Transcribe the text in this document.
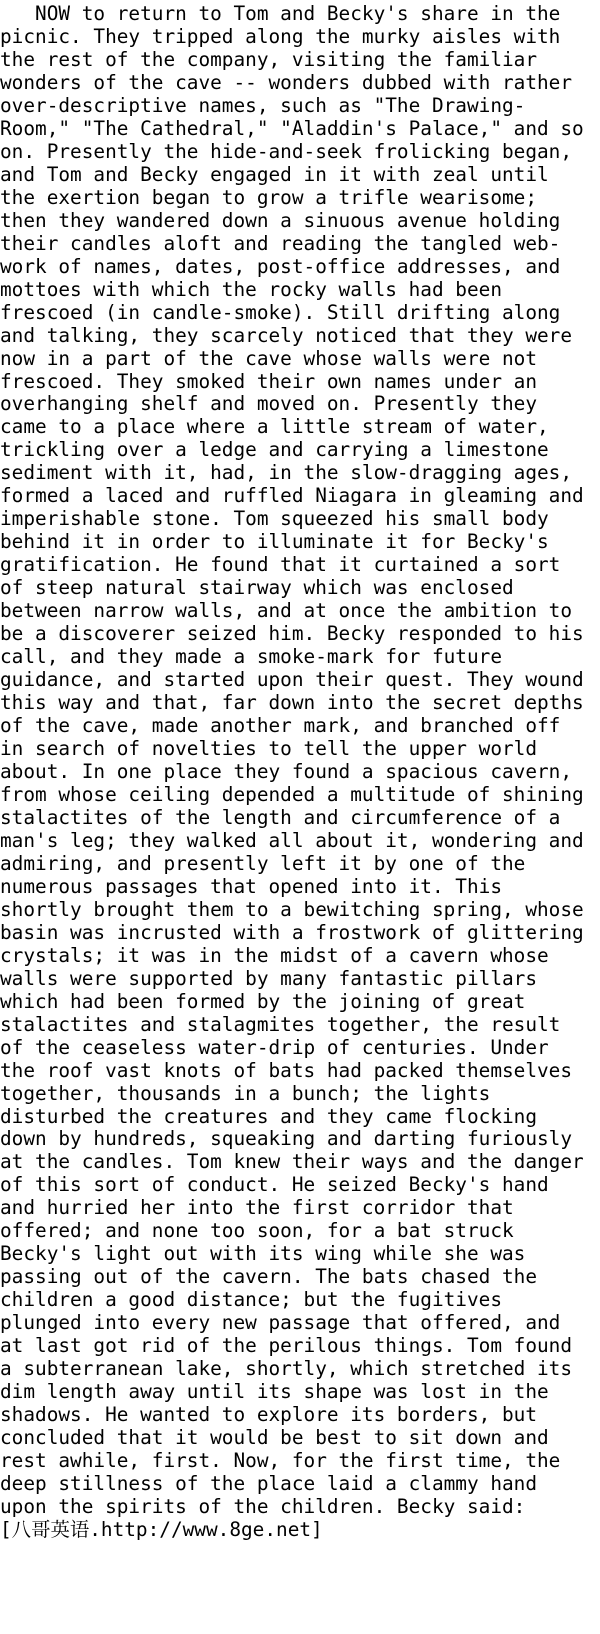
NOW to return to Tom and Becky's share in the
picnic. They tripped along the murky aisles with
the rest of the company, visiting the familiar
wonders of the cave -- wonders dubbed with rather
over-descriptive names, such as "The Drawing-
Room," "The Cathedral," "Aladdin's Palace," and so
on. Presently the hide-and-seek frolicking began,
and Tom and Becky engaged in it with zeal until
the exertion began to grow a trifle wearisome;
then they wandered down a sinuous avenue holding
their candles aloft and reading the tangled web-
work of names, dates, post-office addresses, and
mottoes with which the rocky walls had been
frescoed (in candle-smoke). Still drifting along
and talking, they scarcely noticed that they were
now in a part of the cave whose walls were not
frescoed. They smoked their own names under an
overhanging shelf and moved on. Presently they
came to a place where a little stream of water,
trickling over a ledge and carrying a limestone
sediment with it, had, in the slow-dragging ages,
formed a laced and ruffled Niagara in gleaming and
imperishable stone. Tom squeezed his small body
behind it in order to illuminate it for Becky's
gratification. He found that it curtained a sort
of steep natural stairway which was enclosed
between narrow walls, and at once the ambition to
be a discoverer seized him. Becky responded to his
call, and they made a smoke-mark for future
guidance, and started upon their quest. They wound
this way and that, far down into the secret depths
of the cave, made another mark, and branched off
in search of novelties to tell the upper world
about. In one place they found a spacious cavern,
from whose ceiling depended a multitude of shining
stalactites of the length and circumference of a
man's leg; they walked all about it, wondering and
admiring, and presently left it by one of the
numerous passages that opened into it. This
shortly brought them to a bewitching spring, whose
basin was incrusted with a frostwork of glittering
crystals; it was in the midst of a cavern whose
walls were supported by many fantastic pillars
which had been formed by the joining of great
stalactites and stalagmites together, the result
of the ceaseless water-drip of centuries. Under
the roof vast knots of bats had packed themselves
together, thousands in a bunch; the lights
disturbed the creatures and they came flocking
down by hundreds, squeaking and darting furiously
at the candles. Tom knew their ways and the danger
of this sort of conduct. He seized Becky's hand
and hurried her into the first corridor that
offered; and none too soon, for a bat struck
Becky's light out with its wing while she was
passing out of the cavern. The bats chased the
children a good distance; but the fugitives
plunged into every new passage that offered, and
at last got rid of the perilous things. Tom found
a subterranean lake, shortly, which stretched its
dim length away until its shape was lost in the
shadows. He wanted to explore its borders, but
concluded that it would be best to sit down and
rest awhile, first. Now, for the first time, the
deep stillness of the place laid a clammy hand
upon the spirits of the children. Becky said:
[八哥英语.http://www.8ge.net]
